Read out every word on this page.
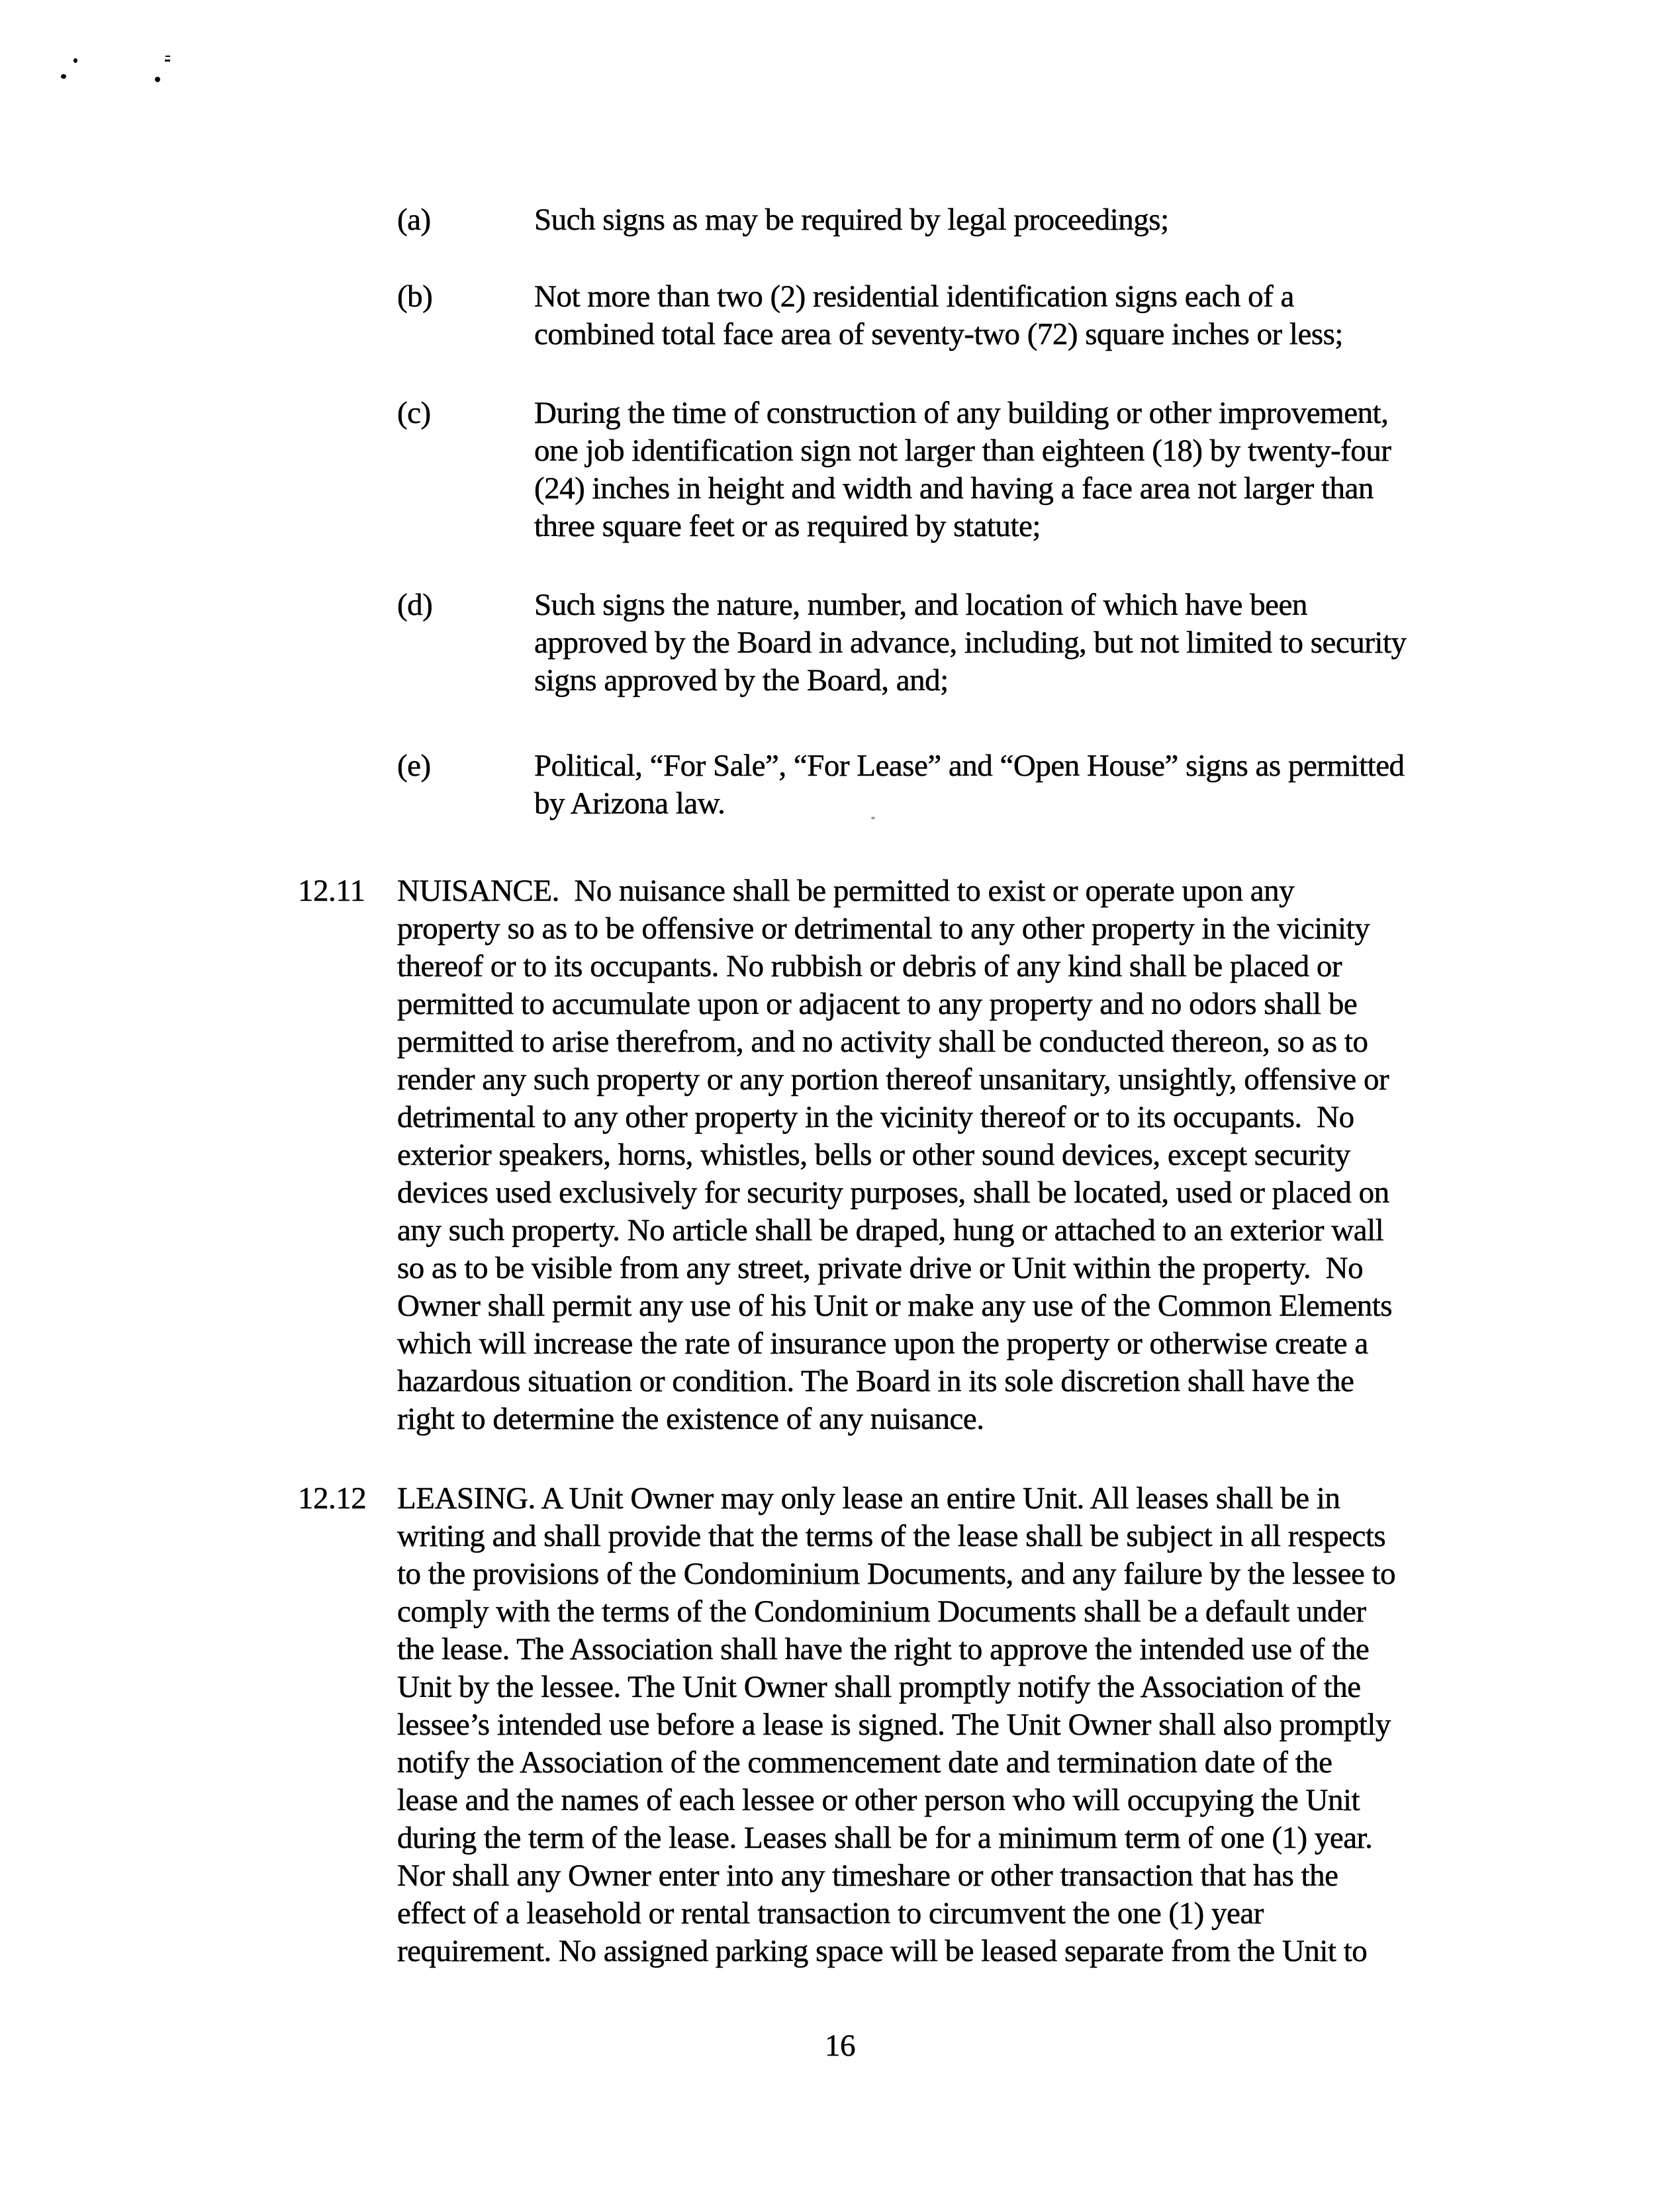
16
(a)	Such signs as may be required by legal proceedings;
(b)	Not more than two (2) residential identification signs each of a
combined total face area of seventy-two (72) square inches or less;
(c)	During the time of construction of any building or other improvement,
one job identification sign not larger than eighteen (18) by twenty-four
(24) inches in height and width and having a face area not larger than
three square feet or as required by statute;
(d)	Such signs the nature, number, and location of which have been
approved by the Board in advance, including, but not limited to security
signs approved by the Board, and;
(e)	Political, “For Sale”, “For Lease” and “Open House” signs as permitted
by Arizona law.
12.11 NUISANCE.  No nuisance shall be permitted to exist or operate upon any
property so as to be offensive or detrimental to any other property in the vicinity
thereof or to its occupants. No rubbish or debris of any kind shall be placed or
permitted to accumulate upon or adjacent to any property and no odors shall be
permitted to arise therefrom, and no activity shall be conducted thereon, so as to
render any such property or any portion thereof unsanitary, unsightly, offensive or
detrimental to any other property in the vicinity thereof or to its occupants.  No
exterior speakers, horns, whistles, bells or other sound devices, except security
devices used exclusively for security purposes, shall be located, used or placed on
any such property. No article shall be draped, hung or attached to an exterior wall
so as to be visible from any street, private drive or Unit within the property.  No
Owner shall permit any use of his Unit or make any use of the Common Elements
which will increase the rate of insurance upon the property or otherwise create a
hazardous situation or condition. The Board in its sole discretion shall have the
right to determine the existence of any nuisance.
12.12 LEASING. A Unit Owner may only lease an entire Unit. All leases shall be in
writing and shall provide that the terms of the lease shall be subject in all respects
to the provisions of the Condominium Documents, and any failure by the lessee to
comply with the terms of the Condominium Documents shall be a default under
the lease. The Association shall have the right to approve the intended use of the
Unit by the lessee. The Unit Owner shall promptly notify the Association of the
lessee’s intended use before a lease is signed. The Unit Owner shall also promptly
notify the Association of the commencement date and termination date of the
lease and the names of each lessee or other person who will occupying the Unit
during the term of the lease. Leases shall be for a minimum term of one (1) year.
Nor shall any Owner enter into any timeshare or other transaction that has the
effect of a leasehold or rental transaction to circumvent the one (1) year
requirement. No assigned parking space will be leased separate from the Unit to
